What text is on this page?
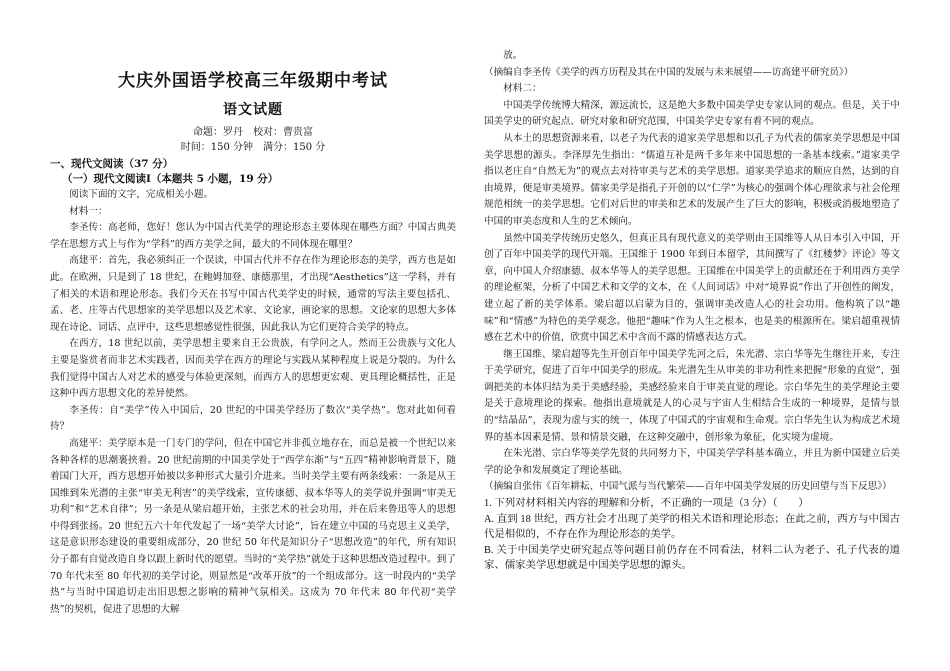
大庆外国语学校高三年级期中考试
语文试题
命题：罗丹　校对：曹贵富
时间：150 分钟　满分：150 分
一、现代文阅读（37 分）
（一）现代文阅读Ⅰ（本题共 5 小题，19 分）

阅读下面的文字，完成相关小题。

材料一：

李圣传：高老师，您好！您认为中国古代美学的理论形态主要体现在哪些方面？中国古典美学在思想方式上与作为“学科”的西方美学之间，最大的不同体现在哪里？

高建平：首先，我必须纠正一个误读，中国古代并不存在作为理论形态的美学，西方也是如此。在欧洲，只是到了 18 世纪，在鲍姆加登、康德那里，才出现“Aesthetics”这一学科，并有了相关的术语和理论形态。我们今天在书写中国古代美学史的时候，通常的写法主要包括孔、孟、老、庄等古代思想家的美学思想以及艺术家、文论家，画论家的思想。文论家的思想大多体现在诗论、词话、点评中，这些思想感觉性很强，因此我认为它们更符合美学的特点。

在西方，18 世纪以前，美学思想主要来自王公贵族，有学问之人。然而王公贵族与文化人主要是鉴赏者而非艺术实践者，因而美学在西方的理论与实践从某种程度上说是分裂的。为什么我们觉得中国古人对艺术的感受与体验更深刻，而西方人的思想更宏观、更具理论概括性，正是这种中西方思想文化的差异使然。

李圣传：自“美学”传入中国后，20 世纪的中国美学经历了数次“美学热”。您对此如何看待？

高建平：美学原本是一门专门的学问，但在中国它并非孤立地存在，而总是被一个世纪以来各种各样的思潮裹挟着。20 世纪前期的中国美学处于“西学东渐”与“五四”精神影响背景下，随着国门大开，西方思想开始被以多种形式大量引介进来。当时美学主要有两条线索：一条是从王国维到朱光潜的主张“审美无利害”的美学线索，宣传康德、叔本华等人的美学说并强调“审美无功利”和“艺术自律”；另一条是从梁启超开始，主张艺术的社会功用，并在后来鲁迅等人的思想中得到张扬。20 世纪五六十年代发起了一场“美学大讨论”，旨在建立中国的马克思主义美学，这是意识形态建设的重要组成部分，20 世纪 50 年代是知识分子“思想改造”的年代，所有知识分子都有自觉改造自身以跟上新时代的愿望。当时的“美学热”就处于这种思想改造过程中。到了 70 年代末至 80 年代初的美学讨论，则显然是“改革开放”的一个组成部分。这一时段内的“美学热”与当时中国追切走出旧思想之影响的精神气氛相关。这成为 70 年代末 80 年代初“美学热”的契机，促进了思想的大解

放。

（摘编自李圣传《美学的西方历程及其在中国的发展与未来展望——访高建平研究员》）

材料二：

中国美学传统博大精深，源远流长，这是绝大多数中国美学史专家认同的观点。但是，关于中国美学史的研究起点、研究对象和研究范围，中国美学史专家有着不同的观点。

从本土的思想资源来看，以老子为代表的道家美学思想和以孔子为代表的儒家美学思想是中国美学思想的源头。李泽厚先生指出：“儒道互补是两千多年来中国思想的一条基本线索。”道家美学指以老庄自“自然无为”的观点去对待审美与艺术的美学思想。道家美学追求的顺应自然，达到的自由境界，便是审美境界。儒家美学是指孔子开创的以“仁学”为核心的强调个体心理欲求与社会伦理规范相统一的美学思想。它们对后世的审美和艺术的发展产生了巨大的影响，积极或消极地塑造了中国的审美态度和人生的艺术倾向。

虽然中国美学传统历史悠久，但真正具有现代意义的美学则由王国维等人从日本引入中国，开创了百年中国美学的现代开端。王国维于 1900 年到日本留学，其间撰写了《红楼梦》评论》等文章，向中国人介绍康德、叔本华等人的美学思想。王国维在中国美学上的贡献还在于利用西方美学的理论框架，分析了中国艺术和文学的文本，在《人间词话》中对“境界说”作出了开创性的阐发，建立起了新的美学体系。梁启超以启蒙为目的，强调审美改造人心的社会功用。他构筑了以“趣味”和“情感”为特色的美学观念。他把“趣味”作为人生之根本，也是美的根源所在。梁启超重视情感在艺术中的价值，欣赏中国艺术中含而不露的情感表达方式。

继王国维、梁启超等先生开创百年中国美学先河之后，朱光潜、宗白华等先生继往开来，专注于美学研究，促进了百年中国美学的形成。朱光潜先生从审美的非功利性来把握“形象的直觉”，强调把美的本体归结为美于美感经验，美感经验来自于审美直觉的理论。宗白华先生的美学理论主要是关于意境理论的探索。他指出意境就是人的心灵与宇宙人生相结合生成的一种境界，是情与景的“结晶品”，表现为虚与实的统一，体现了中国式的宇宙观和生命观。宗白华先生认为构成艺术境界的基本因素是情、景和情景交融，在这种交融中，创形象为象征，化实境为虚境。

在朱光潜、宗白华等美学先贤的共同努力下，中国美学学科基本确立，并且为新中国建立后美学的论争和发展奠定了理论基础。

（摘编自张伟《百年耕耘、中国气派与当代繁荣——百年中国美学发展的历史回望与当下反思》）

1. 下列对材料相关内容的理解和分析，不正确的一项是（3 分）（　　）

A. 直到 18 世纪，西方社会才出现了美学的相关术语和理论形态；在此之前，西方与中国古代是相似的，不存在作为理论形态的美学。

B. 关于中国美学史研究起点等问题目前仍存在不同看法，材料二认为老子、孔子代表的道家、儒家美学思想就是中国美学思想的源头。
